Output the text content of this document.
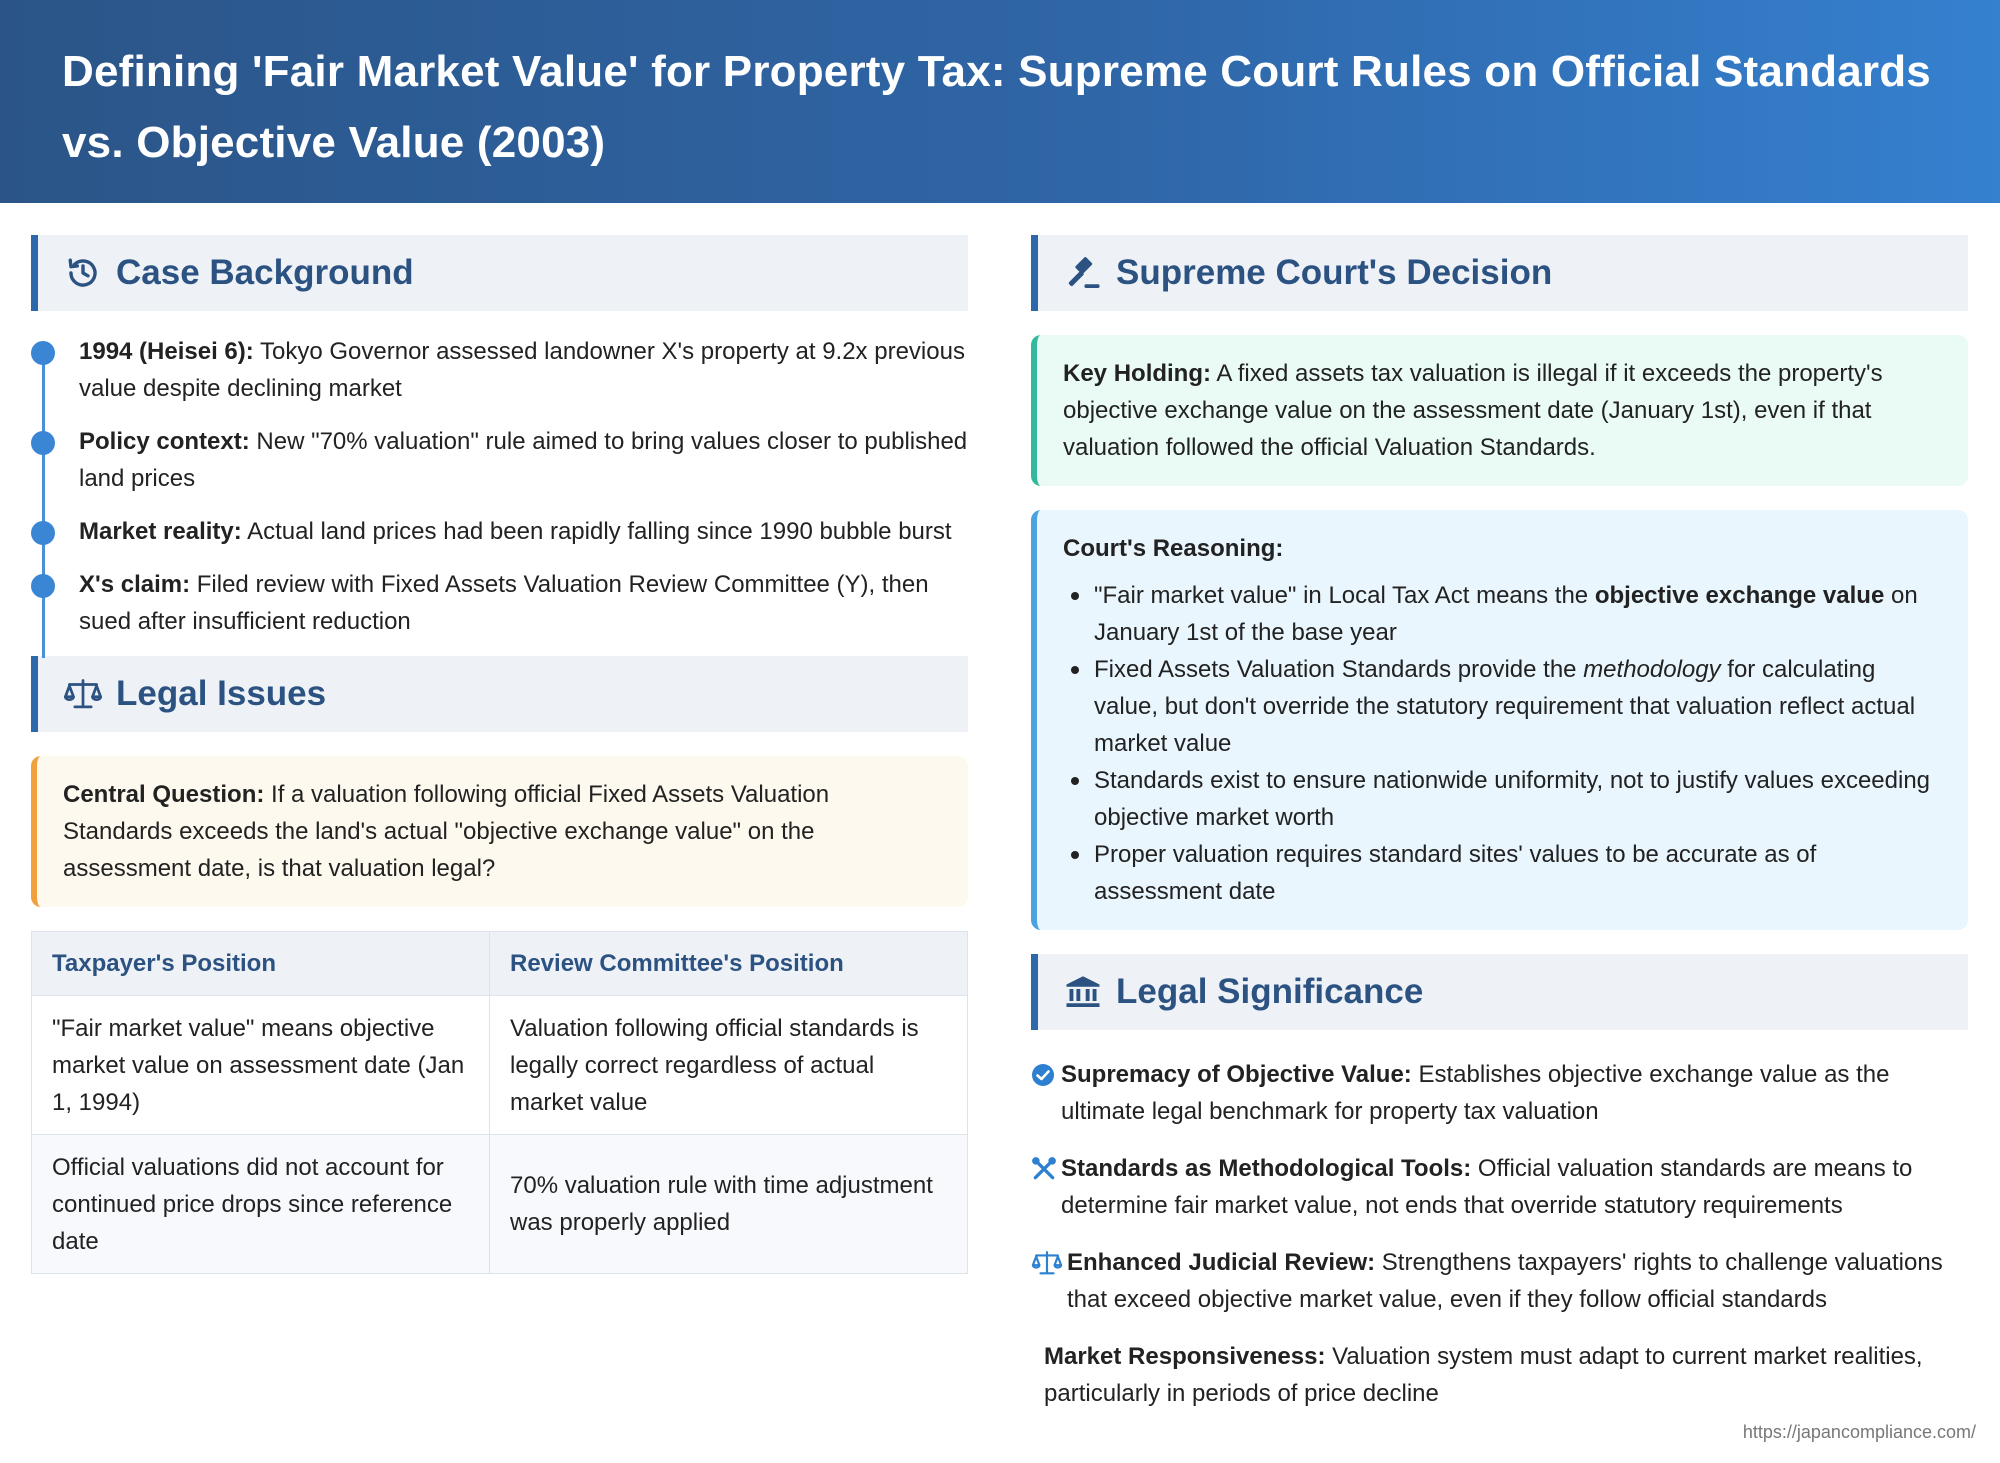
Defining 'Fair Market Value' for Property Tax: Supreme Court Rules on Official Standards vs. Objective Value (2003)
Case Background
1994 (Heisei 6): Tokyo Governor assessed landowner X's property at 9.2x previous value despite declining market
Policy context: New "70% valuation" rule aimed to bring values closer to published land prices
Market reality: Actual land prices had been rapidly falling since 1990 bubble burst
X's claim: Filed review with Fixed Assets Valuation Review Committee (Y), then sued after insufficient reduction
Legal Issues
Central Question: If a valuation following official Fixed Assets Valuation Standards exceeds the land's actual "objective exchange value" on the assessment date, is that valuation legal?
Taxpayer's Position	Review Committee's Position
"Fair market value" means objective market value on assessment date (Jan 1, 1994)	Valuation following official standards is legally correct regardless of actual market value
Official valuations did not account for continued price drops since reference date	70% valuation rule with time adjustment was properly applied
Supreme Court's Decision
Key Holding: A fixed assets tax valuation is illegal if it exceeds the property's objective exchange value on the assessment date (January 1st), even if that valuation followed the official Valuation Standards.
Court's Reasoning:
"Fair market value" in Local Tax Act means the objective exchange value on January 1st of the base year
Fixed Assets Valuation Standards provide the methodology for calculating value, but don't override the statutory requirement that valuation reflect actual market value
Standards exist to ensure nationwide uniformity, not to justify values exceeding objective market worth
Proper valuation requires standard sites' values to be accurate as of assessment date
Legal Significance
Supremacy of Objective Value: Establishes objective exchange value as the ultimate legal benchmark for property tax valuation
Standards as Methodological Tools: Official valuation standards are means to determine fair market value, not ends that override statutory requirements
Enhanced Judicial Review: Strengthens taxpayers' rights to challenge valuations that exceed objective market value, even if they follow official standards
Market Responsiveness: Valuation system must adapt to current market realities, particularly in periods of price decline
https://japancompliance.com/
